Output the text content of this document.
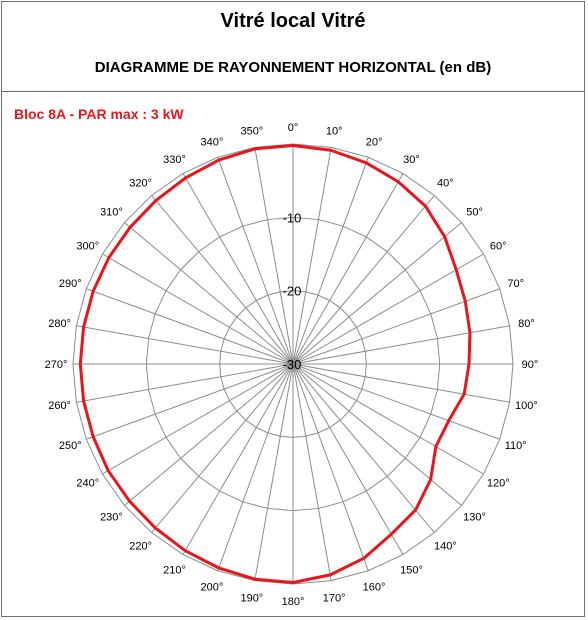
Vitré local Vitré
DIAGRAMME DE RAYONNEMENT HORIZONTAL (en dB)
Bloc 8A - PAR max : 3 kW
-10
-20
-30
0°	10°
20°
30°
40°
50°
60°
70°
80°
90°
100°
110°
120°
130°
140°
150°
160°
170°
180°
190°
200°
210°
220°
230°
240°
250°
260°
270°
280°
290°
300°
310°
320°
330°
340°
350°
